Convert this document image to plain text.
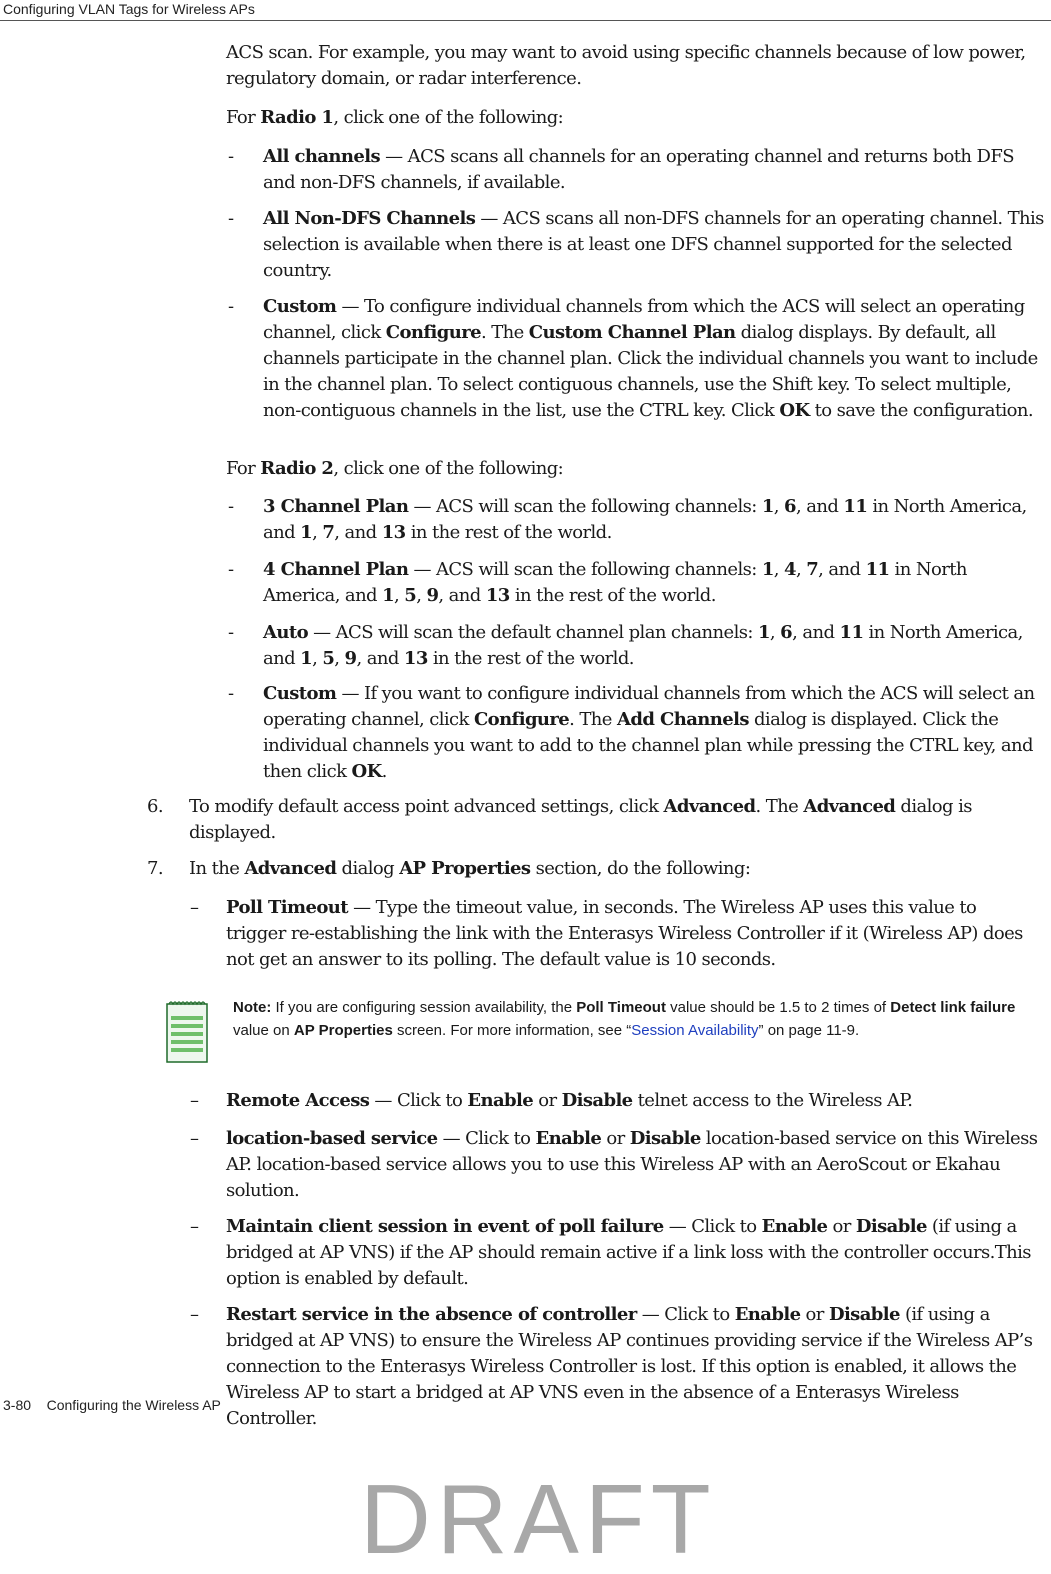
Configuring VLAN Tags for Wireless APs
ACS scan. For example, you may want to avoid using specific channels because of low power, regulatory domain, or radar interference.
For Radio 1, click one of the following:
- All channels — ACS scans all channels for an operating channel and returns both DFS and non-DFS channels, if available.
- All Non-DFS Channels — ACS scans all non-DFS channels for an operating channel. This selection is available when there is at least one DFS channel supported for the selected country.
- Custom — To configure individual channels from which the ACS will select an operating channel, click Configure. The Custom Channel Plan dialog displays. By default, all channels participate in the channel plan. Click the individual channels you want to include in the channel plan. To select contiguous channels, use the Shift key. To select multiple, non-contiguous channels in the list, use the CTRL key. Click OK to save the configuration.
For Radio 2, click one of the following:
- 3 Channel Plan — ACS will scan the following channels: 1, 6, and 11 in North America, and 1, 7, and 13 in the rest of the world.
- 4 Channel Plan — ACS will scan the following channels: 1, 4, 7, and 11 in North America, and 1, 5, 9, and 13 in the rest of the world.
- Auto — ACS will scan the default channel plan channels: 1, 6, and 11 in North America, and 1, 5, 9, and 13 in the rest of the world.
- Custom — If you want to configure individual channels from which the ACS will select an operating channel, click Configure. The Add Channels dialog is displayed. Click the individual channels you want to add to the channel plan while pressing the CTRL key, and then click OK.
6. To modify default access point advanced settings, click Advanced. The Advanced dialog is displayed.
7. In the Advanced dialog AP Properties section, do the following:
– Poll Timeout — Type the timeout value, in seconds. The Wireless AP uses this value to trigger re-establishing the link with the Enterasys Wireless Controller if it (Wireless AP) does not get an answer to its polling. The default value is 10 seconds.
Note: If you are configuring session availability, the Poll Timeout value should be 1.5 to 2 times of Detect link failure value on AP Properties screen. For more information, see “Session Availability” on page 11-9.
– Remote Access — Click to Enable or Disable telnet access to the Wireless AP.
– location-based service — Click to Enable or Disable location-based service on this Wireless AP. location-based service allows you to use this Wireless AP with an AeroScout or Ekahau solution.
– Maintain client session in event of poll failure — Click to Enable or Disable (if using a bridged at AP VNS) if the AP should remain active if a link loss with the controller occurs.This option is enabled by default.
– Restart service in the absence of controller — Click to Enable or Disable (if using a bridged at AP VNS) to ensure the Wireless AP continues providing service if the Wireless AP’s connection to the Enterasys Wireless Controller is lost. If this option is enabled, it allows the Wireless AP to start a bridged at AP VNS even in the absence of a Enterasys Wireless Controller.
3-80    Configuring the Wireless AP
DRAFT
